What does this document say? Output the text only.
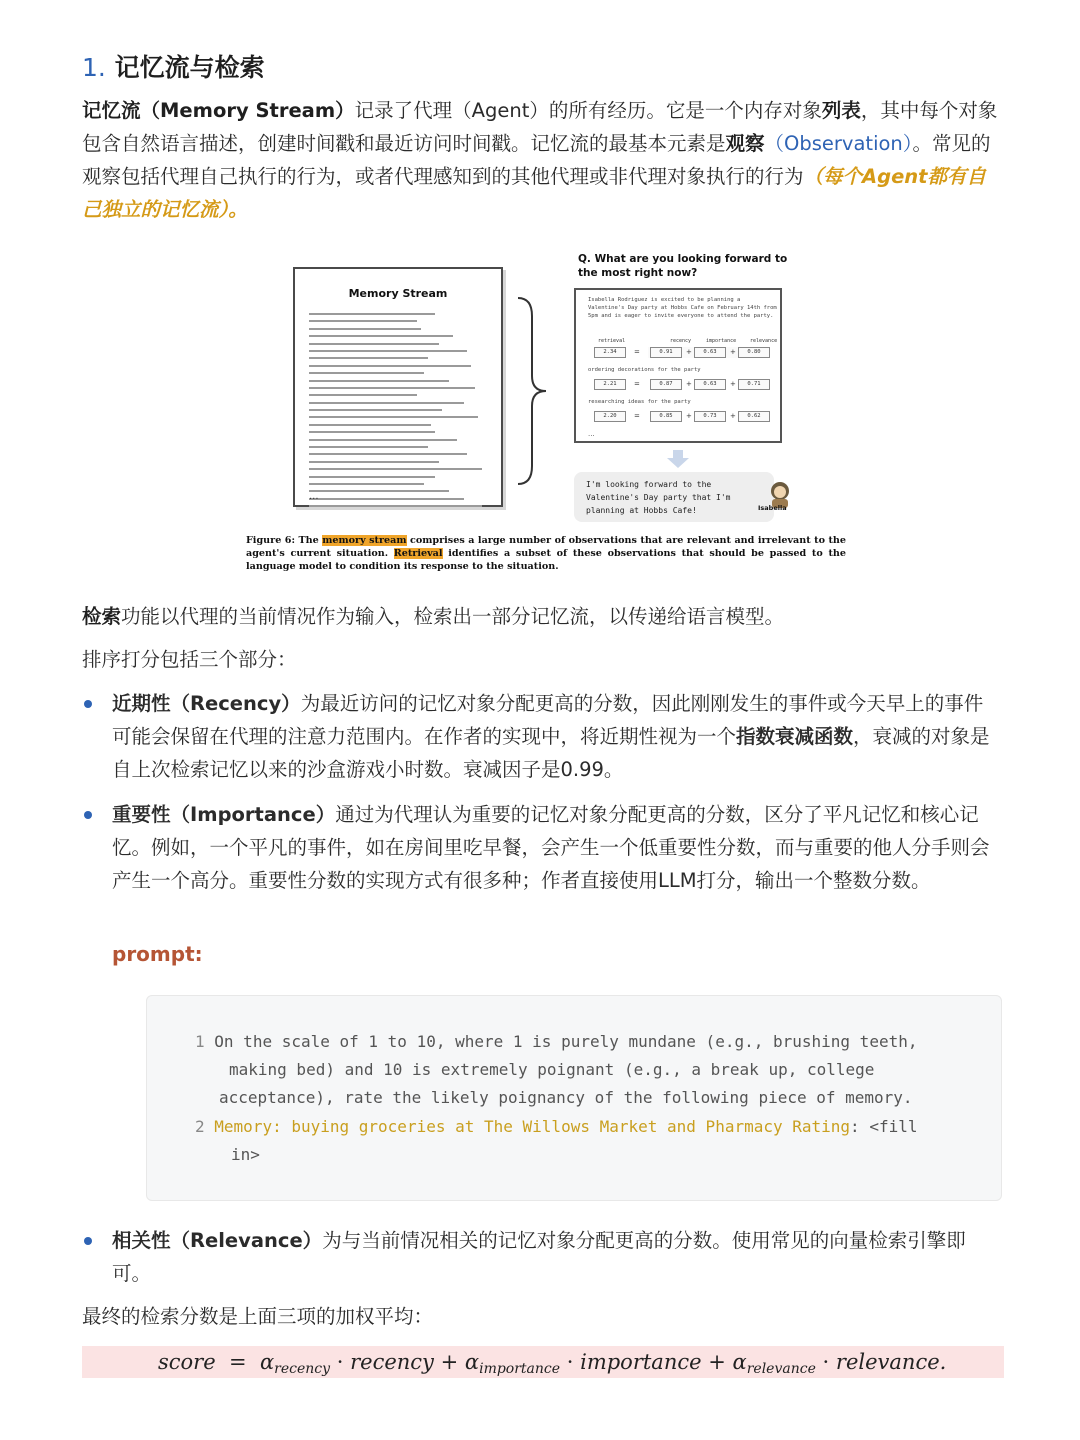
1. 记忆流与检索
记忆流（Memory Stream）记录了代理（Agent）的所有经历。它是一个内存对象列表，其中每个对象包含自然语言描述，创建时间戳和最近访问时间戳。记忆流的最基本元素是观察（Observation）。常见的观察包括代理自己执行的行为，或者代理感知到的其他代理或非代理对象执行的行为（每个Agent都有自己独立的记忆流）。
Memory Stream
...
Q. What are you looking forward to the most right now?
Isabella Rodriguez is excited to be planning a Valentine's Day party at Hobbs Cafe on February 14th from 5pm and is eager to invite everyone to attend the party.
retrieval	recency	importance	relevance
2.34	=	0.91	+	0.63	+	0.80
ordering decorations for the party
2.21	=	0.87	+	0.63	+	0.71
researching ideas for the party
2.20	=	0.85	+	0.73	+	0.62
...
I'm looking forward to the Valentine's Day party that I'm planning at Hobbs Cafe!	Isabella
Figure 6: The memory stream comprises a large number of observations that are relevant and irrelevant to the agent's current situation. Retrieval identifies a subset of these observations that should be passed to the language model to condition its response to the situation.
检索功能以代理的当前情况作为输入，检索出一部分记忆流，以传递给语言模型。
排序打分包括三个部分：
近期性（Recency）为最近访问的记忆对象分配更高的分数，因此刚刚发生的事件或今天早上的事件可能会保留在代理的注意力范围内。在作者的实现中，将近期性视为一个指数衰减函数，衰减的对象是自上次检索记忆以来的沙盒游戏小时数。衰减因子是0.99。
重要性（Importance）通过为代理认为重要的记忆对象分配更高的分数，区分了平凡记忆和核心记忆。例如，一个平凡的事件，如在房间里吃早餐，会产生一个低重要性分数，而与重要的他人分手则会产生一个高分。重要性分数的实现方式有很多种；作者直接使用LLM打分，输出一个整数分数。
prompt:
1 On the scale of 1 to 10, where 1 is purely mundane (e.g., brushing teeth,
making bed) and 10 is extremely poignant (e.g., a break up, college
acceptance), rate the likely poignancy of the following piece of memory.
2 Memory: buying groceries at The Willows Market and Pharmacy Rating: <fill
in>
相关性（Relevance）为与当前情况相关的记忆对象分配更高的分数。使用常见的向量检索引擎即可。
最终的检索分数是上面三项的加权平均：
score = $\alpha_{recency}$ · recency + $\alpha_{importance}$ · importance + $\alpha_{relevance}$ · relevance.
